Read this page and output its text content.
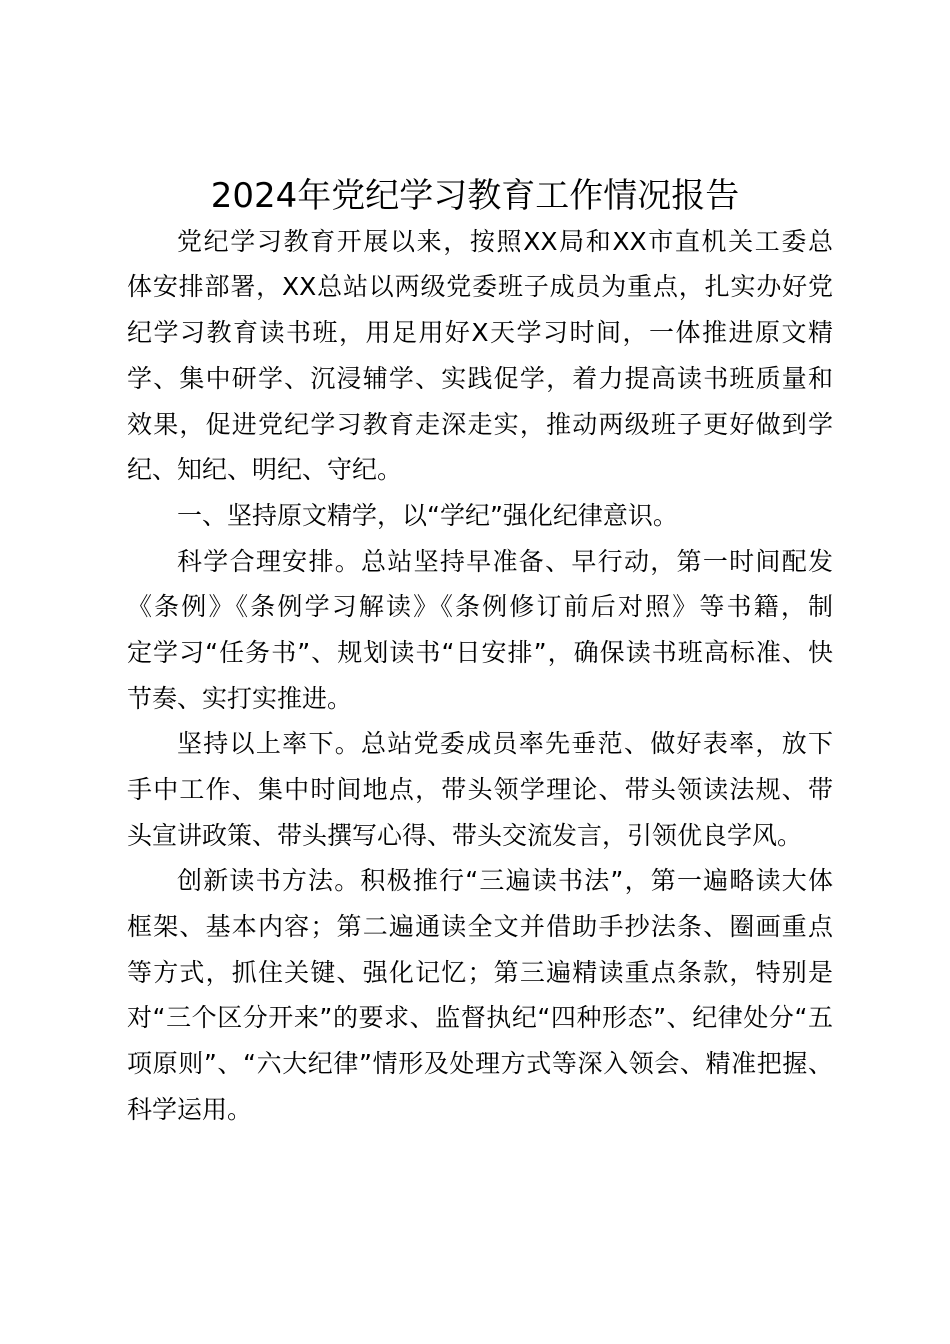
2024年党纪学习教育工作情况报告
党纪学习教育开展以来，按照XX局和XX市直机关工委总
体安排部署，XX总站以两级党委班子成员为重点，扎实办好党
纪学习教育读书班，用足用好X天学习时间，一体推进原文精
学、集中研学、沉浸辅学、实践促学，着力提高读书班质量和
效果，促进党纪学习教育走深走实，推动两级班子更好做到学
纪、知纪、明纪、守纪。
一、坚持原文精学，以“学纪”强化纪律意识。
科学合理安排。总站坚持早准备、早行动，第一时间配发
《条例》《条例学习解读》《条例修订前后对照》等书籍，制
定学习“任务书”、规划读书“日安排”，确保读书班高标准、快
节奏、实打实推进。
坚持以上率下。总站党委成员率先垂范、做好表率，放下
手中工作、集中时间地点，带头领学理论、带头领读法规、带
头宣讲政策、带头撰写心得、带头交流发言，引领优良学风。
创新读书方法。积极推行“三遍读书法”，第一遍略读大体
框架、基本内容；第二遍通读全文并借助手抄法条、圈画重点
等方式，抓住关键、强化记忆；第三遍精读重点条款，特别是
对“三个区分开来”的要求、监督执纪“四种形态”、纪律处分“五
项原则”、“六大纪律”情形及处理方式等深入领会、精准把握、
科学运用。
